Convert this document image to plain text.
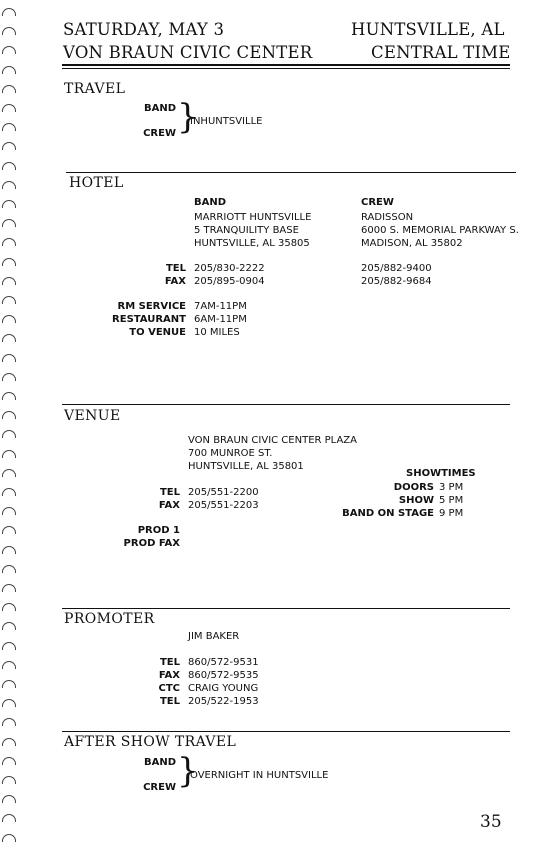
SATURDAY, MAY 3	HUNTSVILLE, AL
VON BRAUN CIVIC CENTER	CENTRAL TIME
TRAVEL
BAND
CREW }
INHUNTSVILLE
HOTEL
BAND
MARRIOTT HUNTSVILLE
5 TRANQUILITY BASE
HUNTSVILLE, AL 35805
CREW
RADISSON
6000 S. MEMORIAL PARKWAY S.
MADISON, AL 35802
TEL
FAX
205/830-2222
205/895-0904
205/882-9400
205/882-9684
RM SERVICE
RESTAURANT
TO VENUE
7AM-11PM
6AM-11PM
10 MILES
VENUE
VON BRAUN CIVIC CENTER PLAZA
700 MUNROE ST.
HUNTSVILLE, AL 35801
TEL
FAX
205/551-2200
205/551-2203
PROD 1
PROD FAX
SHOWTIMES
DOORS
SHOW
BAND ON STAGE
3 PM
5 PM
9 PM
PROMOTER
JIM BAKER
TEL
FAX
CTC
TEL
860/572-9531
860/572-9535
CRAIG YOUNG
205/522-1953
AFTER SHOW TRAVEL
BAND
CREW }
OVERNIGHT IN HUNTSVILLE
35
